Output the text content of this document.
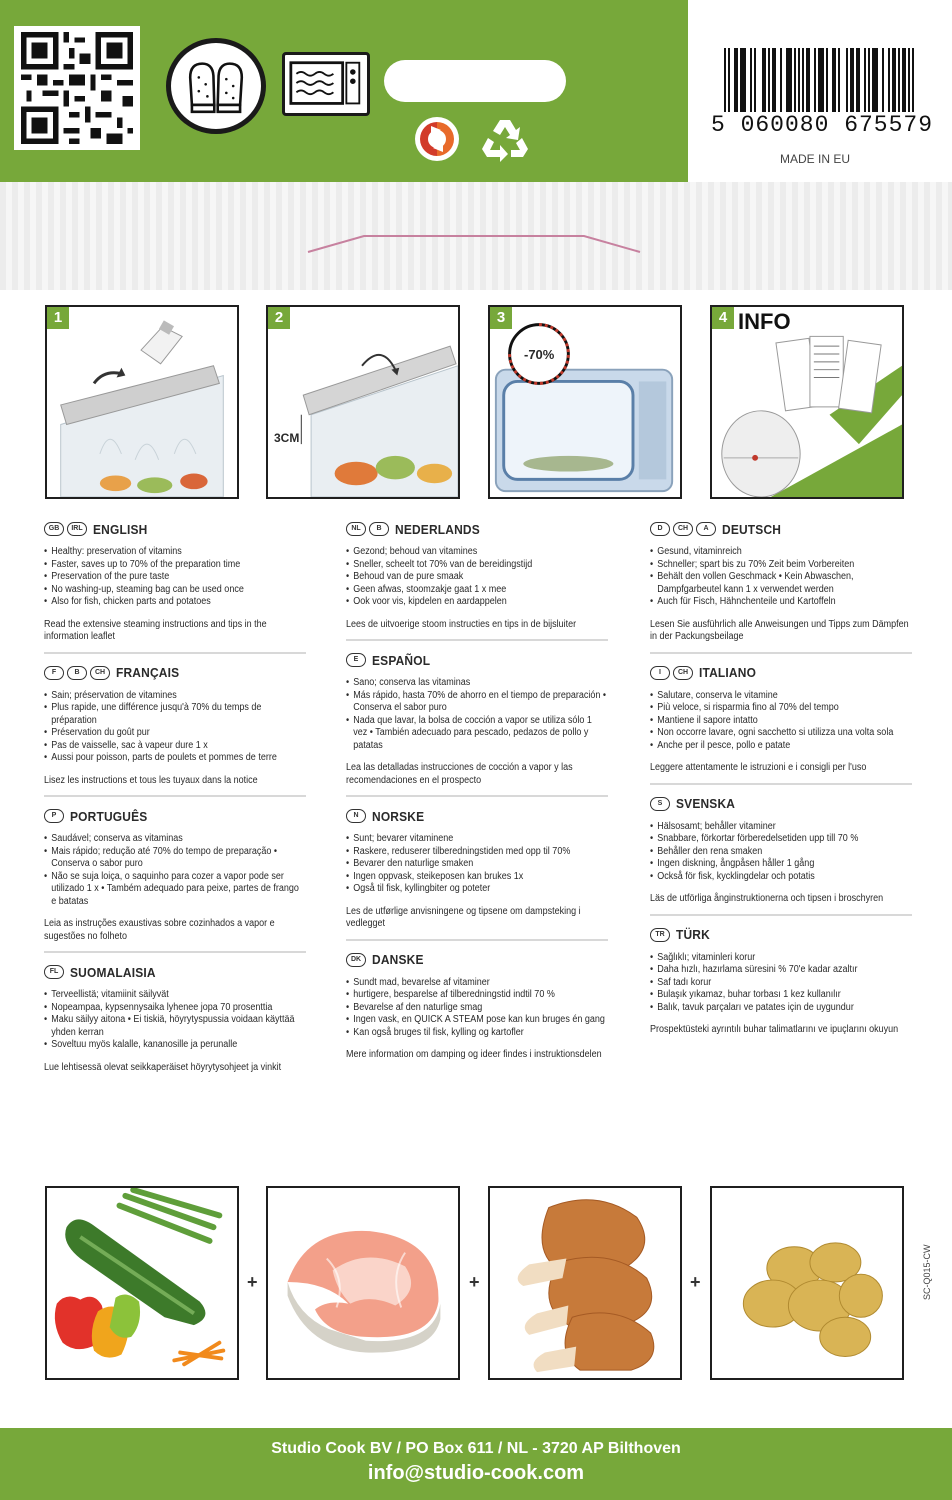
5 060080 675579
MADE IN EU
1	2
3CM
3
-70%
4 INFO
GB	IRL ENGLISH
• Healthy: preservation of vitamins
• Faster, saves up to 70% of the preparation time
• Preservation of the pure taste
• No washing-up, steaming bag can be used once
• Also for fish, chicken parts and potatoes
Read the extensive steaming instructions and tips in the information leaflet
F	B	CH FRANÇAIS
• Sain; préservation de vitamines
• Plus rapide, une différence jusqu'à 70% du temps de préparation
• Préservation du goût pur
• Pas de vaisselle, sac à vapeur dure 1 x
• Aussi pour poisson, parts de poulets et pommes de terre
Lisez les instructions et tous les tuyaux dans la notice
P	PORTUGUÊS
• Saudável; conserva as vitaminas
• Mais rápido; redução até 70% do tempo de preparação • Conserva o sabor puro
• Não se suja loiça, o saquinho para cozer a vapor pode ser utilizado 1 x • Também adequado para peixe, partes de frango e batatas
Leia as instruções exaustivas sobre cozinhados a vapor e sugestões no folheto
FL SUOMALAISIA
• Terveellistä; vitamiinit säilyvät
• Nopeampaa, kypsennysaika lyhenee jopa 70 prosenttia
• Maku säilyy aitona • Ei tiskiä, höyrytyspussia voidaan käyttää yhden kerran
• Soveltuu myös kalalle, kananosille ja perunalle
Lue lehtisessä olevat seikkaperäiset höyrytysohjeet ja vinkit
NL	B	NEDERLANDS
• Gezond; behoud van vitamines
• Sneller, scheelt tot 70% van de bereidingstijd
• Behoud van de pure smaak
• Geen afwas, stoomzakje gaat 1 x mee
• Ook voor vis, kipdelen en aardappelen
Lees de uitvoerige stoom instructies en tips in de bijsluiter
E	ESPAÑOL
• Sano; conserva las vitaminas
• Más rápido, hasta 70% de ahorro en el tiempo de preparación • Conserva el sabor puro
• Nada que lavar, la bolsa de cocción a vapor se utiliza sólo 1 vez • También adecuado para pescado, pedazos de pollo y patatas
Lea las detalladas instrucciones de cocción a vapor y las recomendaciones en el prospecto
N	NORSKE
• Sunt; bevarer vitaminene
• Raskere, reduserer tilberedningstiden med opp til 70%
• Bevarer den naturlige smaken
• Ingen oppvask, steikeposen kan brukes 1x
• Også til fisk, kyllingbiter og poteter
Les de utførlige anvisningene og tipsene om dampsteking i vedlegget
DK DANSKE
• Sundt mad, bevarelse af vitaminer
• hurtigere, besparelse af tilberedningstid indtil 70 %
• Bevarelse af den naturlige smag
• Ingen vask, en QUICK A STEAM pose kan kun bruges én gang
• Kan også bruges til fisk, kylling og kartofler
Mere information om damping og ideer findes i instruktionsdelen
D	CH	A	DEUTSCH
• Gesund, vitaminreich
• Schneller; spart bis zu 70% Zeit beim Vorbereiten
• Behält den vollen Geschmack • Kein Abwaschen, Dampfgarbeutel kann 1 x verwendet werden
• Auch für Fisch, Hähnchenteile und Kartoffeln
Lesen Sie ausführlich alle Anweisungen und Tipps zum Dämpfen in der Packungsbeilage
I	CH ITALIANO
• Salutare, conserva le vitamine
• Più veloce, si risparmia fino al 70% del tempo
• Mantiene il sapore intatto
• Non occorre lavare, ogni sacchetto si utilizza una volta sola
• Anche per il pesce, pollo e patate
Leggere attentamente le istruzioni e i consigli per l'uso
S	SVENSKA
• Hälsosamt; behåller vitaminer
• Snabbare, förkortar förberedelsetiden upp till 70 %
• Behåller den rena smaken
• Ingen diskning, ångpåsen håller 1 gång
• Också för fisk, kycklingdelar och potatis
Läs de utförliga ånginstruktionerna och tipsen i broschyren
TR TÜRK
• Sağlıklı; vitaminleri korur
• Daha hızlı, hazırlama süresini % 70'e kadar azaltır
• Saf tadı korur
• Bulaşık yıkamaz, buhar torbası 1 kez kullanılır
• Balık, tavuk parçaları ve patates için de uygundur
Prospektüsteki ayrıntılı buhar talimatlarını ve ipuçlarını okuyun
+	+	+	SC-Q015-CW
Studio Cook BV / PO Box 611 / NL - 3720 AP Bilthoven
info@studio-cook.com
